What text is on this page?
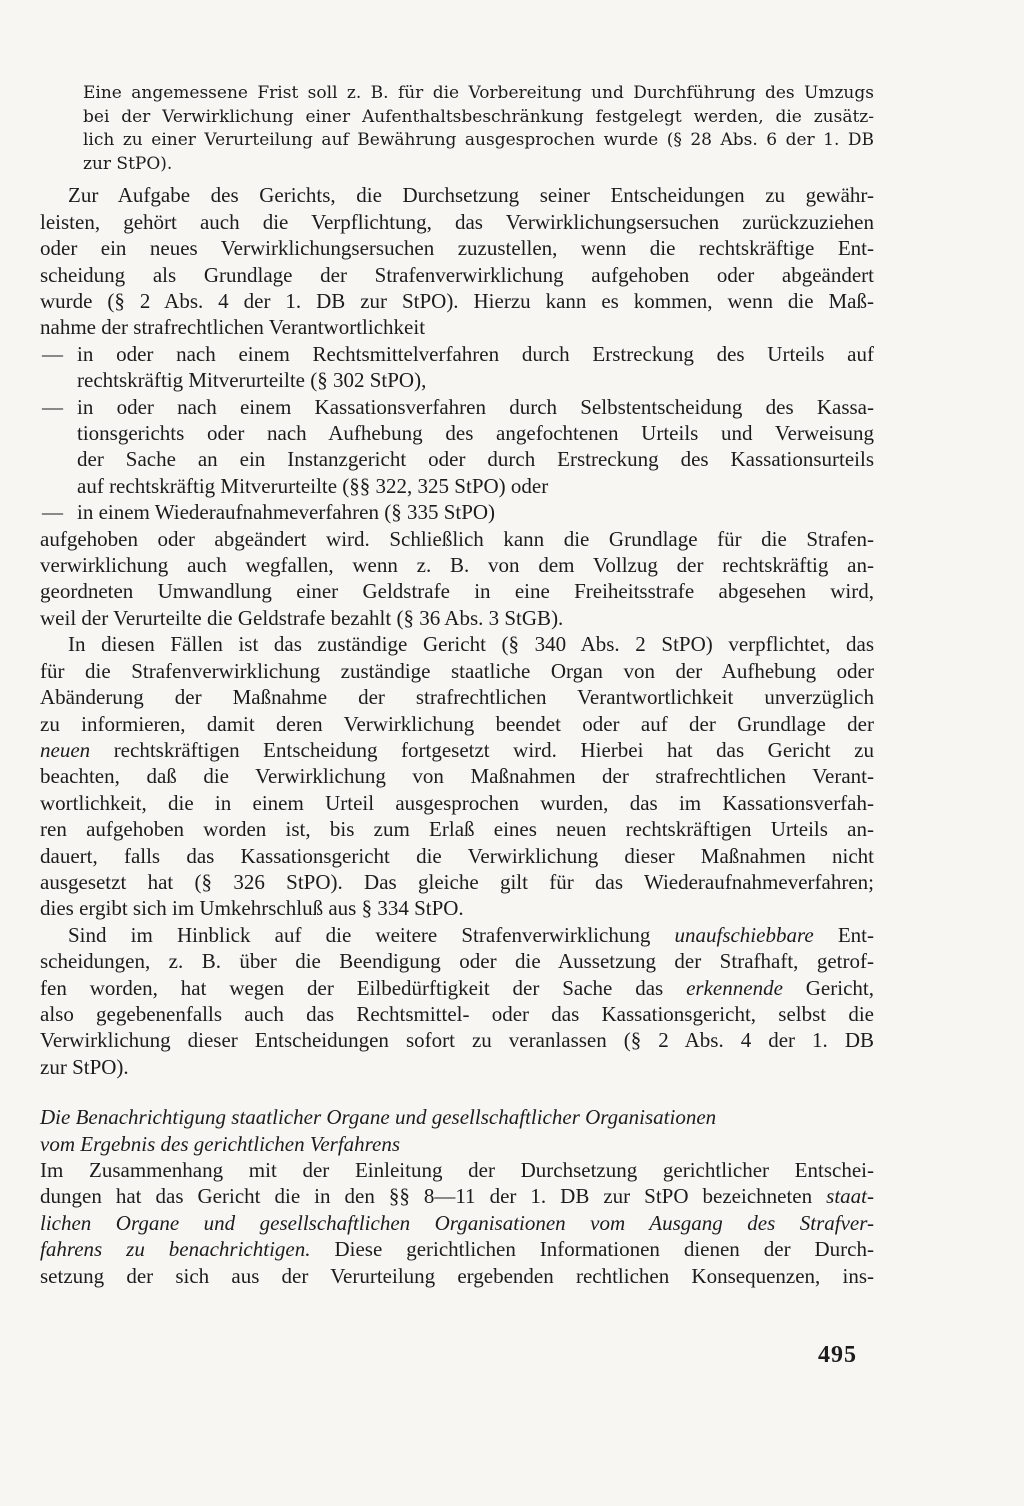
Eine angemessene Frist soll z. B. für die Vorbereitung und Durchführung des Umzugs
bei der Verwirklichung einer Aufenthaltsbeschränkung festgelegt werden, die zusätz-
lich zu einer Verurteilung auf Bewährung ausgesprochen wurde (§ 28 Abs. 6 der 1. DB
zur StPO).
Zur Aufgabe des Gerichts, die Durchsetzung seiner Entscheidungen zu gewähr-
leisten, gehört auch die Verpflichtung, das Verwirklichungsersuchen zurückzuziehen
oder ein neues Verwirklichungsersuchen zuzustellen, wenn die rechtskräftige Ent-
scheidung als Grundlage der Strafenverwirklichung aufgehoben oder abgeändert
wurde (§ 2 Abs. 4 der 1. DB zur StPO). Hierzu kann es kommen, wenn die Maß-
nahme der strafrechtlichen Verantwortlichkeit
— in oder nach einem Rechtsmittelverfahren durch Erstreckung des Urteils auf
rechtskräftig Mitverurteilte (§ 302 StPO),
— in oder nach einem Kassationsverfahren durch Selbstentscheidung des Kassa-
tionsgerichts oder nach Aufhebung des angefochtenen Urteils und Verweisung
der Sache an ein Instanzgericht oder durch Erstreckung des Kassationsurteils
auf rechtskräftig Mitverurteilte (§§ 322, 325 StPO) oder
— in einem Wiederaufnahmeverfahren (§ 335 StPO)
aufgehoben oder abgeändert wird. Schließlich kann die Grundlage für die Strafen-
verwirklichung auch wegfallen, wenn z. B. von dem Vollzug der rechtskräftig an-
geordneten Umwandlung einer Geldstrafe in eine Freiheitsstrafe abgesehen wird,
weil der Verurteilte die Geldstrafe bezahlt (§ 36 Abs. 3 StGB).
In diesen Fällen ist das zuständige Gericht (§ 340 Abs. 2 StPO) verpflichtet, das
für die Strafenverwirklichung zuständige staatliche Organ von der Aufhebung oder
Abänderung der Maßnahme der strafrechtlichen Verantwortlichkeit unverzüglich
zu informieren, damit deren Verwirklichung beendet oder auf der Grundlage der
neuen rechtskräftigen Entscheidung fortgesetzt wird. Hierbei hat das Gericht zu
beachten, daß die Verwirklichung von Maßnahmen der strafrechtlichen Verant-
wortlichkeit, die in einem Urteil ausgesprochen wurden, das im Kassationsverfah-
ren aufgehoben worden ist, bis zum Erlaß eines neuen rechtskräftigen Urteils an-
dauert, falls das Kassationsgericht die Verwirklichung dieser Maßnahmen nicht
ausgesetzt hat (§ 326 StPO). Das gleiche gilt für das Wiederaufnahmeverfahren;
dies ergibt sich im Umkehrschluß aus § 334 StPO.
Sind im Hinblick auf die weitere Strafenverwirklichung unaufschiebbare Ent-
scheidungen, z. B. über die Beendigung oder die Aussetzung der Strafhaft, getrof-
fen worden, hat wegen der Eilbedürftigkeit der Sache das erkennende Gericht,
also gegebenenfalls auch das Rechtsmittel- oder das Kassationsgericht, selbst die
Verwirklichung dieser Entscheidungen sofort zu veranlassen (§ 2 Abs. 4 der 1. DB
zur StPO).
Die Benachrichtigung staatlicher Organe und gesellschaftlicher Organisationen
vom Ergebnis des gerichtlichen Verfahrens
Im Zusammenhang mit der Einleitung der Durchsetzung gerichtlicher Entschei-
dungen hat das Gericht die in den §§ 8—11 der 1. DB zur StPO bezeichneten staat-
lichen Organe und gesellschaftlichen Organisationen vom Ausgang des Strafver-
fahrens zu benachrichtigen. Diese gerichtlichen Informationen dienen der Durch-
setzung der sich aus der Verurteilung ergebenden rechtlichen Konsequenzen, ins-
495
